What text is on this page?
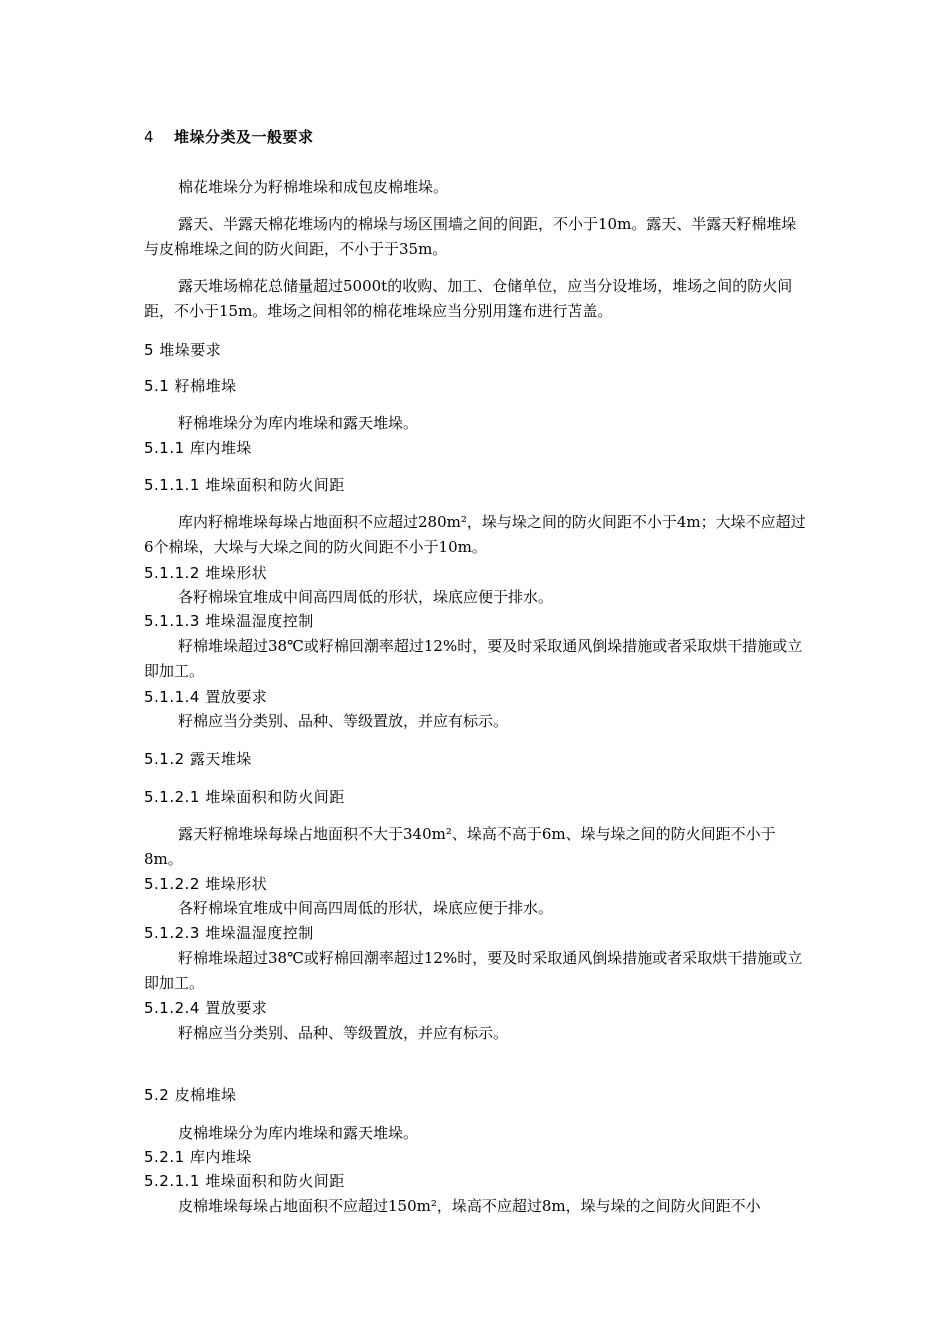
4 堆垛分类及一般要求
棉花堆垛分为籽棉堆垛和成包皮棉堆垛。
露天、半露天棉花堆场内的棉垛与场区围墙之间的间距，不小于10m。露天、半露天籽棉堆垛与皮棉堆垛之间的防火间距，不小于于35m。
露天堆场棉花总储量超过5000t的收购、加工、仓储单位，应当分设堆场，堆场之间的防火间距，不小于15m。堆场之间相邻的棉花堆垛应当分别用篷布进行苫盖。
5 堆垛要求
5.1 籽棉堆垛
籽棉堆垛分为库内堆垛和露天堆垛。
5.1.1 库内堆垛
5.1.1.1 堆垛面积和防火间距
库内籽棉堆垛每垛占地面积不应超过280m²，垛与垛之间的防火间距不小于4m；大垛不应超过6个棉垛，大垛与大垛之间的防火间距不小于10m。
5.1.1.2 堆垛形状
各籽棉垛宜堆成中间高四周低的形状，垛底应便于排水。
5.1.1.3 堆垛温湿度控制
籽棉堆垛超过38℃或籽棉回潮率超过12%时，要及时采取通风倒垛措施或者采取烘干措施或立即加工。
5.1.1.4 置放要求
籽棉应当分类别、品种、等级置放，并应有标示。
5.1.2 露天堆垛
5.1.2.1 堆垛面积和防火间距
露天籽棉堆垛每垛占地面积不大于340m²、垛高不高于6m、垛与垛之间的防火间距不小于8m。
5.1.2.2 堆垛形状
各籽棉垛宜堆成中间高四周低的形状，垛底应便于排水。
5.1.2.3 堆垛温湿度控制
籽棉堆垛超过38℃或籽棉回潮率超过12%时，要及时采取通风倒垛措施或者采取烘干措施或立即加工。
5.1.2.4 置放要求
籽棉应当分类别、品种、等级置放，并应有标示。
5.2 皮棉堆垛
皮棉堆垛分为库内堆垛和露天堆垛。
5.2.1 库内堆垛
5.2.1.1 堆垛面积和防火间距
皮棉堆垛每垛占地面积不应超过150m²，垛高不应超过8m，垛与垛的之间防火间距不小
